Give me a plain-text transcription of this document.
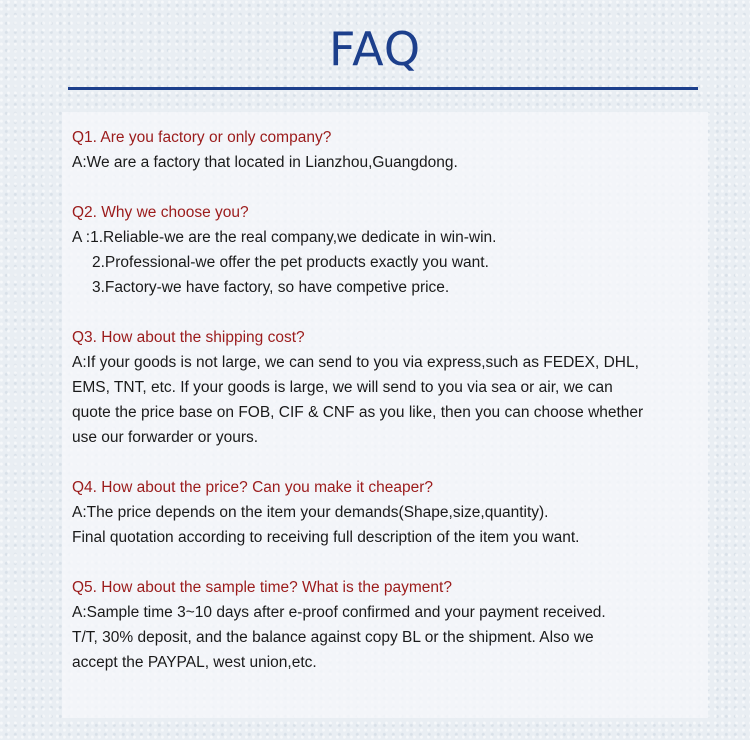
FAQ
Q1. Are you factory or only company?
A:We are a factory that located in Lianzhou,Guangdong.
Q2. Why we choose you?
A :1.Reliable-we are the real company,we dedicate in win-win.
2.Professional-we offer the pet products exactly you want.
3.Factory-we have factory, so have competive price.
Q3. How about the shipping cost?
A:If your goods is not large, we can send to you via express,such as FEDEX, DHL,
EMS, TNT, etc. If your goods is large, we will send to you via sea or air, we can
quote the price base on FOB, CIF & CNF as you like, then you can choose whether
use our forwarder or yours.
Q4. How about the price? Can you make it cheaper?
A:The price depends on the item your demands(Shape,size,quantity).
Final quotation according to receiving full description of the item you want.
Q5. How about the sample time? What is the payment?
A:Sample time 3~10 days after e-proof confirmed and your payment received.
T/T, 30% deposit, and the balance against copy BL or the shipment. Also we
accept the PAYPAL, west union,etc.
